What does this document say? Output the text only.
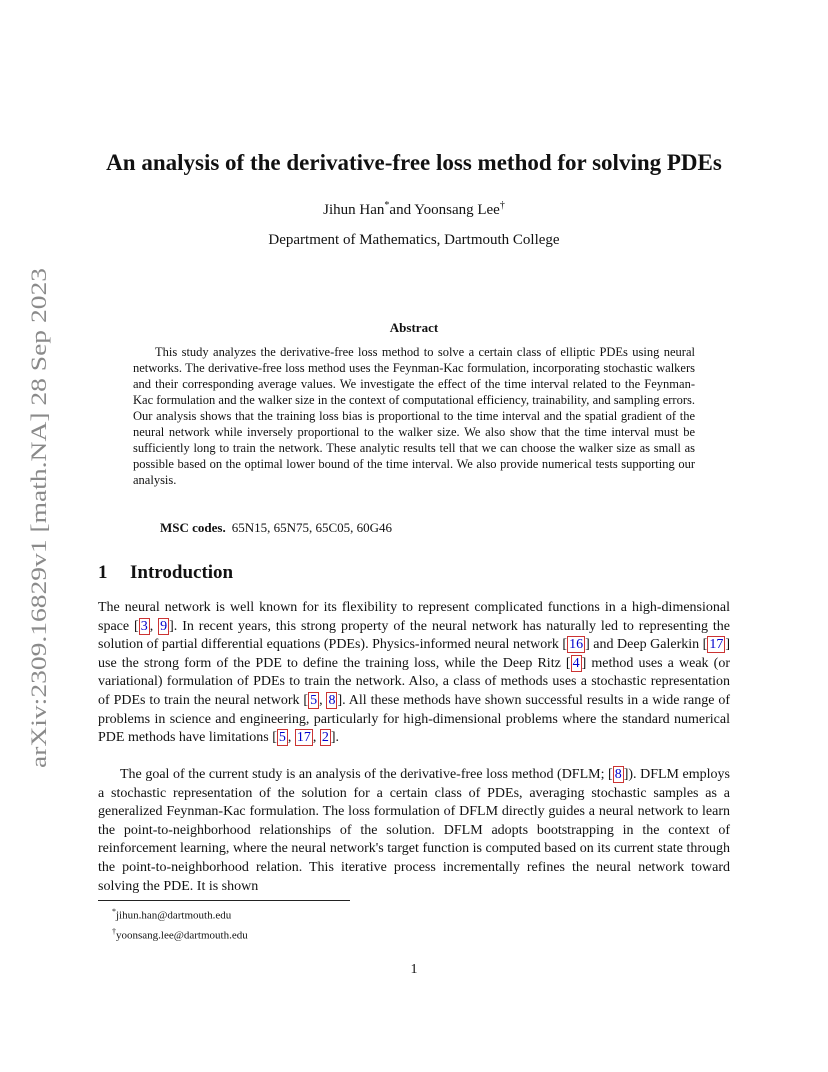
arXiv:2309.16829v1 [math.NA] 28 Sep 2023
An analysis of the derivative-free loss method for solving PDEs
Jihun Han*and Yoonsang Lee†
Department of Mathematics, Dartmouth College
Abstract

This study analyzes the derivative-free loss method to solve a certain class of elliptic PDEs using neural networks. The derivative-free loss method uses the Feynman-Kac formulation, incorporating stochastic walkers and their corresponding average values. We investigate the effect of the time interval related to the Feynman-Kac formulation and the walker size in the context of computational efficiency, trainability, and sampling errors. Our analysis shows that the training loss bias is proportional to the time interval and the spatial gradient of the neural network while inversely proportional to the walker size. We also show that the time interval must be sufficiently long to train the network. These analytic results tell that we can choose the walker size as small as possible based on the optimal lower bound of the time interval. We also provide numerical tests supporting our analysis.

MSC codes. 65N15, 65N75, 65C05, 60G46
1 Introduction

The neural network is well known for its flexibility to represent complicated functions in a high-dimensional space [ 3 , 9 ]. In recent years, this strong property of the neural network has naturally led to representing the solution of partial differential equations (PDEs). Physics-informed neural network [ 16 ] and Deep Galerkin [ 17 ] use the strong form of the PDE to define the training loss, while the Deep Ritz [ 4 ] method uses a weak (or variational) formulation of PDEs to train the network. Also, a class of methods uses a stochastic representation of PDEs to train the neural network [ 5 , 8 ]. All these methods have shown successful results in a wide range of problems in science and engineering, particularly for high-dimensional problems where the standard numerical PDE methods have limitations [ 5 , 17 , 2 ].

The goal of the current study is an analysis of the derivative-free loss method (DFLM; [ 8 ]). DFLM employs a stochastic representation of the solution for a certain class of PDEs, averaging stochastic samples as a generalized Feynman-Kac formulation. The loss formulation of DFLM directly guides a neural network to learn the point-to-neighborhood relationships of the solution. DFLM adopts bootstrapping in the context of reinforcement learning, where the neural network's target function is computed based on its current state through the point-to-neighborhood relation. This iterative process incrementally refines the neural network toward solving the PDE. It is shown

*jihun.han@dartmouth.edu
†yoonsang.lee@dartmouth.edu
1
